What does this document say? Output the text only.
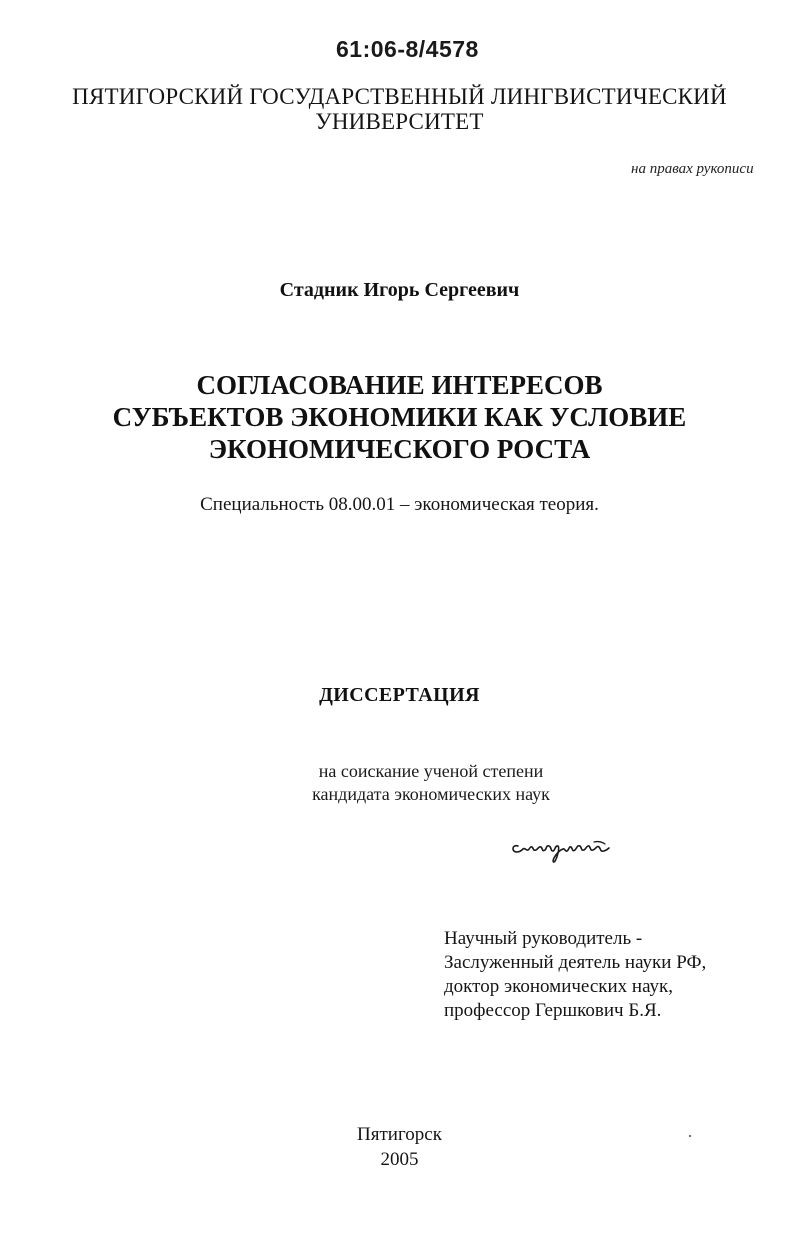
61:06-8/4578
ПЯТИГОРСКИЙ ГОСУДАРСТВЕННЫЙ ЛИНГВИСТИЧЕСКИЙ
УНИВЕРСИТЕТ
на правах рукописи
Стадник Игорь Сергеевич
СОГЛАСОВАНИЕ ИНТЕРЕСОВ
СУБЪЕКТОВ ЭКОНОМИКИ КАК УСЛОВИЕ
ЭКОНОМИЧЕСКОГО РОСТА
Специальность 08.00.01 – экономическая теория.
ДИССЕРТАЦИЯ
на соискание ученой степени
кандидата экономических наук
Научный руководитель -
Заслуженный деятель науки РФ,
доктор экономических наук,
профессор Гершкович Б.Я.
Пятигорск
2005
